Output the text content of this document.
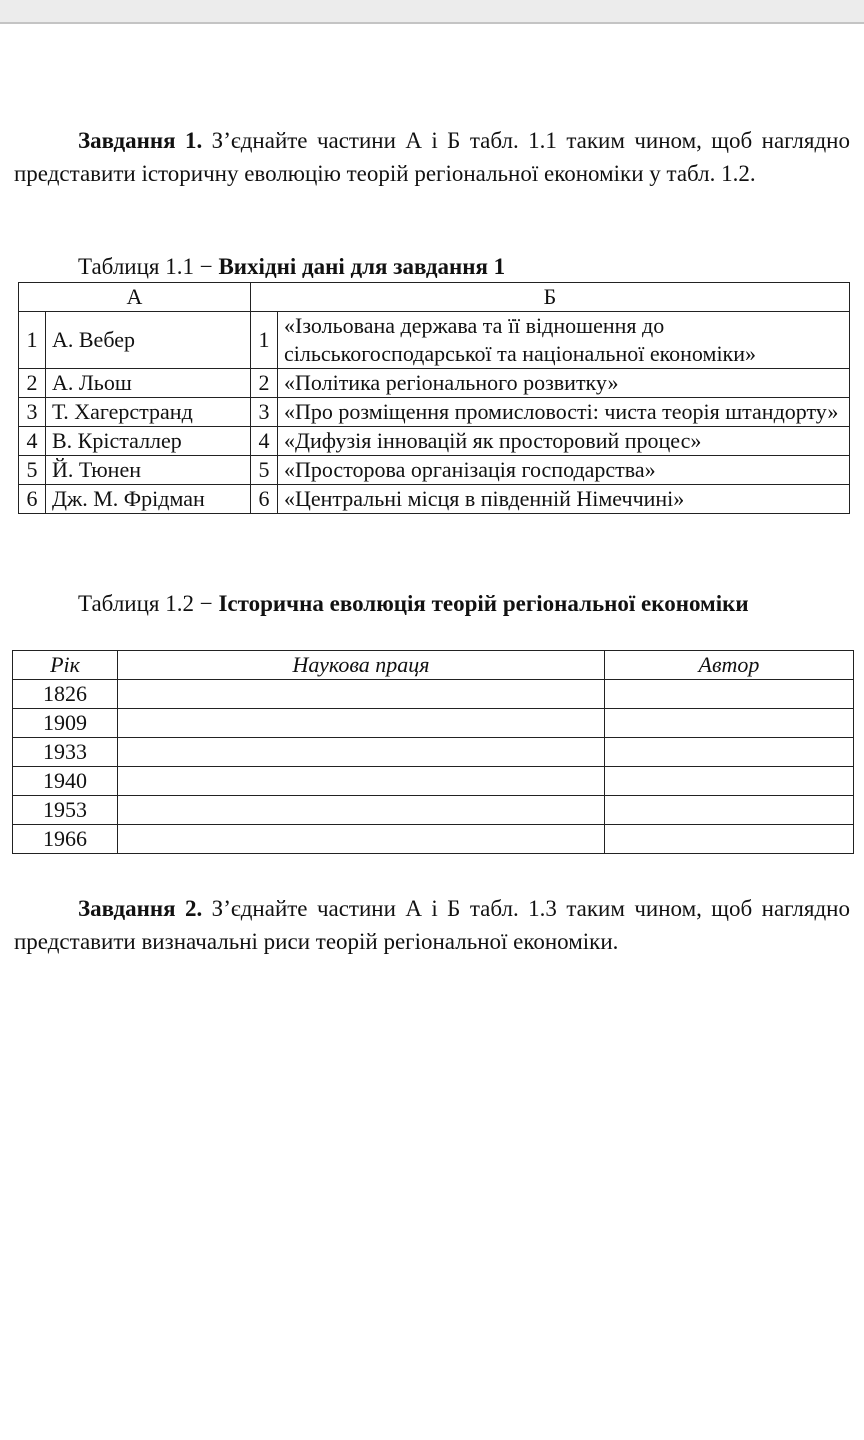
Завдання 1. З’єднайте частини А і Б табл. 1.1 таким чином, щоб наглядно представити історичну еволюцію теорій регіональної економіки у табл. 1.2.

Таблиця 1.1 − Вихідні дані для завдання 1
А		Б	
1	А. Вебер	1	«Ізольована держава та її відношення до сільськогосподарської та національної економіки»
2	А. Льош	2	«Політика регіонального розвитку»
3	Т. Хагерстранд	3	«Про розміщення промисловості: чиста теорія штандорту»
4	В. Крісталлер	4	«Дифузія інновацій як просторовий процес»
5	Й. Тюнен	5	«Просторова організація господарства»
6	Дж. М. Фрідман	6	«Центральні місця в південній Німеччині»

Таблиця 1.2 − Історична еволюція теорій регіональної економіки

Рік	Наукова праця	Автор
1826		
1909		
1933		
1940		
1953		
1966		

Завдання 2. З’єднайте частини А і Б табл. 1.3 таким чином, щоб наглядно представити визначальні риси теорій регіональної економіки.
